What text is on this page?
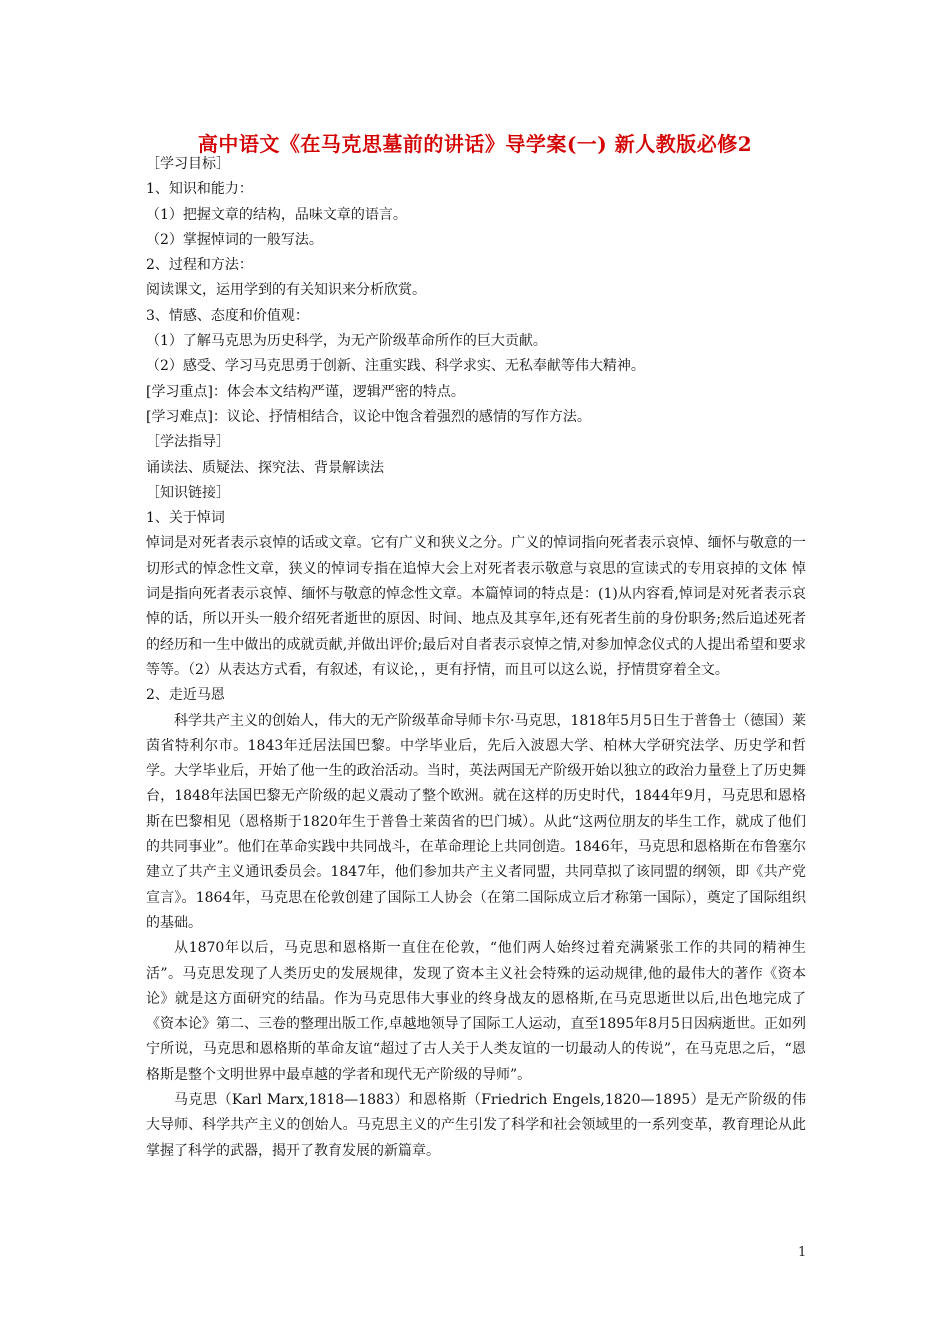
高中语文《在马克思墓前的讲话》导学案(一) 新人教版必修2

［学习目标］

1、知识和能力：

（1）把握文章的结构，品味文章的语言。

（2）掌握悼词的一般写法。

2、过程和方法：

阅读课文，运用学到的有关知识来分析欣赏。

3、情感、态度和价值观：

（1）了解马克思为历史科学，为无产阶级革命所作的巨大贡献。

（2）感受、学习马克思勇于创新、注重实践、科学求实、无私奉献等伟大精神。

[学习重点]：体会本文结构严谨，逻辑严密的特点。

[学习难点]：议论、抒情相结合，议论中饱含着强烈的感情的写作方法。

［学法指导］

诵读法、质疑法、探究法、背景解读法

［知识链接］

1、关于悼词

悼词是对死者表示哀悼的话或文章。它有广义和狭义之分。广义的悼词指向死者表示哀悼、缅怀与敬意的一切形式的悼念性文章，狭义的悼词专指在追悼大会上对死者表示敬意与哀思的宣读式的专用哀掉的文体 悼词是指向死者表示哀悼、缅怀与敬意的悼念性文章。本篇悼词的特点是：(1)从内容看,悼词是对死者表示哀悼的话，所以开头一般介绍死者逝世的原因、时间、地点及其享年,还有死者生前的身份职务;然后追述死者的经历和一生中做出的成就贡献,并做出评价;最后对自者表示哀悼之情,对参加悼念仪式的人提出希望和要求等等。（2）从表达方式看，有叙述，有议论，，更有抒情，而且可以这么说，抒情贯穿着全文。

2、走近马恩

科学共产主义的创始人，伟大的无产阶级革命导师卡尔·马克思，1818年5月5日生于普鲁士（德国）莱茵省特利尔市。1843年迁居法国巴黎。中学毕业后，先后入波恩大学、柏林大学研究法学、历史学和哲学。大学毕业后，开始了他一生的政治活动。当时，英法两国无产阶级开始以独立的政治力量登上了历史舞台，1848年法国巴黎无产阶级的起义震动了整个欧洲。就在这样的历史时代，1844年9月，马克思和恩格斯在巴黎相见（恩格斯于1820年生于普鲁士莱茵省的巴门城）。从此“这两位朋友的毕生工作，就成了他们的共同事业”。他们在革命实践中共同战斗，在革命理论上共同创造。1846年，马克思和恩格斯在布鲁塞尔建立了共产主义通讯委员会。1847年，他们参加共产主义者同盟，共同草拟了该同盟的纲领，即《共产党宣言》。1864年，马克思在伦敦创建了国际工人协会（在第二国际成立后才称第一国际），奠定了国际组织的基础。

从1870年以后，马克思和恩格斯一直住在伦敦，“他们两人始终过着充满紧张工作的共同的精神生活”。马克思发现了人类历史的发展规律，发现了资本主义社会特殊的运动规律,他的最伟大的著作《资本论》就是这方面研究的结晶。作为马克思伟大事业的终身战友的恩格斯,在马克思逝世以后,出色地完成了《资本论》第二、三卷的整理出版工作,卓越地领导了国际工人运动，直至1895年8月5日因病逝世。正如列宁所说，马克思和恩格斯的革命友谊“超过了古人关于人类友谊的一切最动人的传说”，在马克思之后，“恩格斯是整个文明世界中最卓越的学者和现代无产阶级的导师”。

马克思（Karl Marx,1818—1883）和恩格斯（Friedrich Engels,1820—1895）是无产阶级的伟大导师、科学共产主义的创始人。马克思主义的产生引发了科学和社会领域里的一系列变革，教育理论从此掌握了科学的武器，揭开了教育发展的新篇章。

1
